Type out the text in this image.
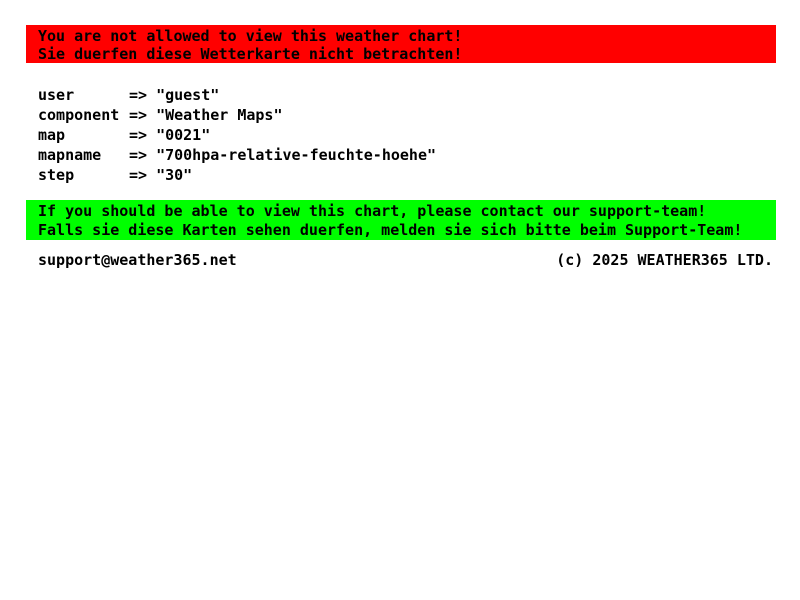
You are not allowed to view this weather chart!
Sie duerfen diese Wetterkarte nicht betrachten!
user	=> "guest"
component => "Weather Maps"
map	=> "0021"
mapname	=> "700hpa-relative-feuchte-hoehe"
step	=> "30"
If you should be able to view this chart, please contact our support-team!
Falls sie diese Karten sehen duerfen, melden sie sich bitte beim Support-Team!
support@weather365.net	(c) 2025 WEATHER365 LTD.
